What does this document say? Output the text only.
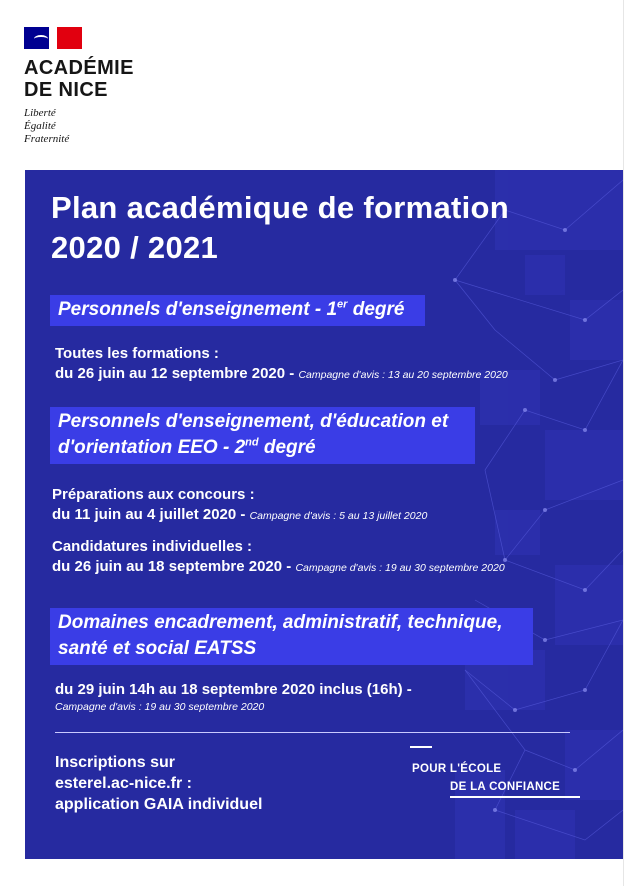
ACADÉMIE
DE NICE
Liberté
Égalité
Fraternité
Plan académique de formation
2020 / 2021
Personnels d'enseignement - 1er degré
Toutes les formations :
du 26 juin au 12 septembre 2020 - Campagne d'avis : 13 au 20 septembre 2020
Personnels d'enseignement, d'éducation et
d'orientation EEO - 2nd degré
Préparations aux concours :
du 11 juin au 4 juillet 2020 - Campagne d'avis : 5 au 13 juillet 2020
Candidatures individuelles :
du 26 juin au 18 septembre 2020 - Campagne d'avis : 19 au 30 septembre 2020
Domaines encadrement, administratif, technique,
santé et social EATSS
du 29 juin 14h au 18 septembre 2020 inclus (16h) -
Campagne d'avis : 19 au 30 septembre 2020
Inscriptions sur
esterel.ac-nice.fr :
application GAIA individuel
POUR L'ÉCOLE
DE LA CONFIANCE
